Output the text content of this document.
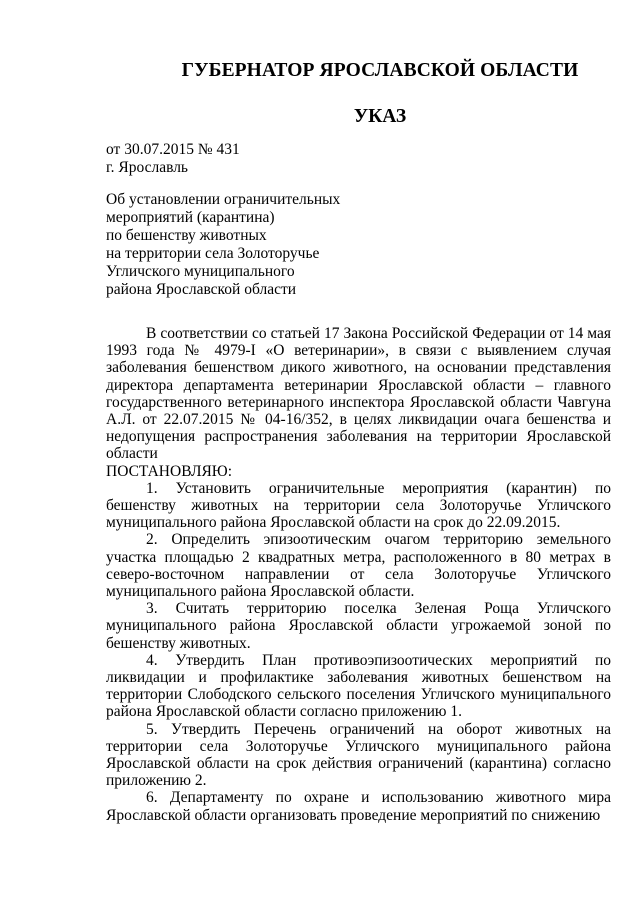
ГУБЕРНАТОР ЯРОСЛАВСКОЙ ОБЛАСТИ
УКАЗ
от 30.07.2015 № 431
г. Ярославль
Об установлении ограничительных
мероприятий (карантина)
по бешенству животных
на территории села Золоторучье
Угличского муниципального
района Ярославской области

В соответствии со статьей 17 Закона Российской Федерации от 14 мая 1993 года № 4979-I «О ветеринарии», в связи с выявлением случая заболевания бешенством дикого животного, на основании представления директора департамента ветеринарии Ярославской области – главного государственного ветеринарного инспектора Ярославской области Чавгуна А.Л. от 22.07.2015 № 04-16/352, в целях ликвидации очага бешенства и недопущения распространения заболевания на территории Ярославской области

ПОСТАНОВЛЯЮ:

1. Установить ограничительные мероприятия (карантин) по бешенству животных на территории села Золоторучье Угличского муниципального района Ярославской области на срок до 22.09.2015.

2. Определить эпизоотическим очагом территорию земельного участка площадью 2 квадратных метра, расположенного в 80 метрах в северо-восточном направлении от села Золоторучье Угличского муниципального района Ярославской области.

3. Считать территорию поселка Зеленая Роща Угличского муниципального района Ярославской области угрожаемой зоной по бешенству животных.

4. Утвердить План противоэпизоотических мероприятий по ликвидации и профилактике заболевания животных бешенством на территории Слободского сельского поселения Угличского муниципального района Ярославской области согласно приложению 1.

5. Утвердить Перечень ограничений на оборот животных на территории села Золоторучье Угличского муниципального района Ярославской области на срок действия ограничений (карантина) согласно приложению 2.

6. Департаменту по охране и использованию животного мира Ярославской области организовать проведение мероприятий по снижению
